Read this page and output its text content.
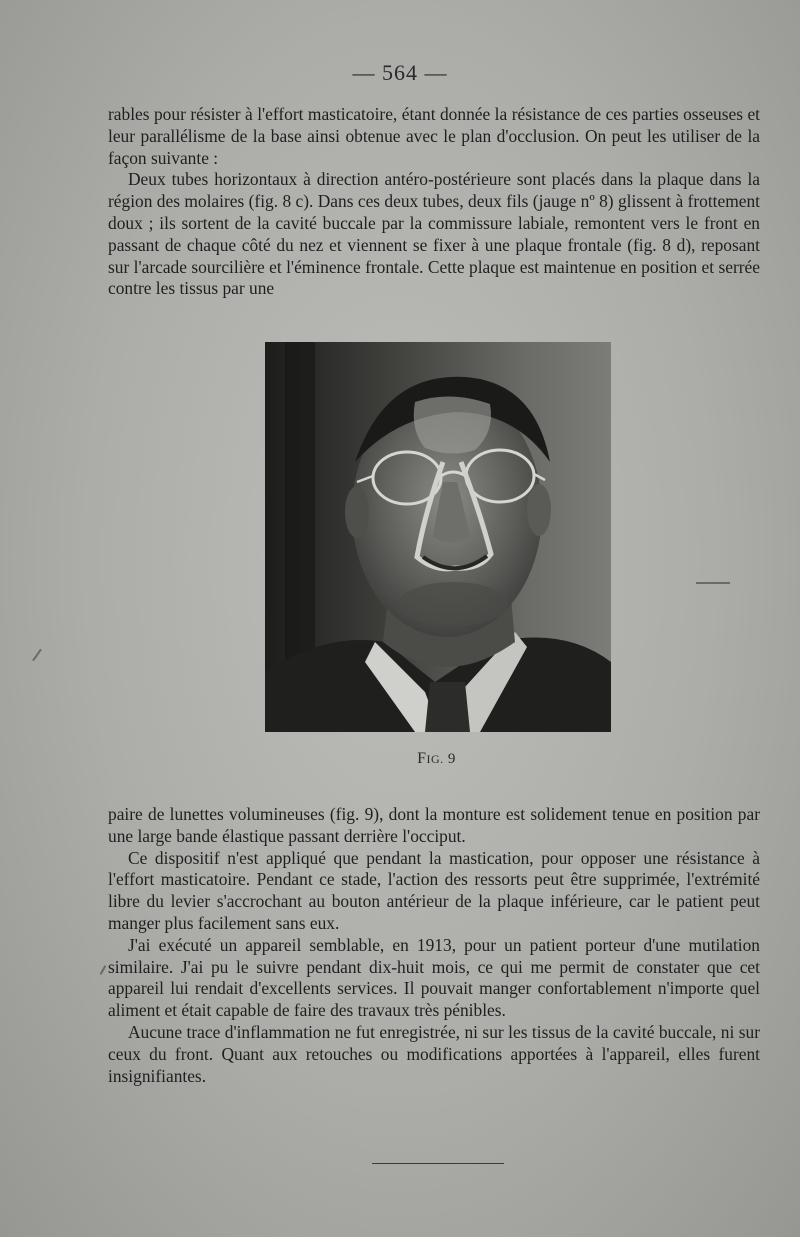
— 564 —

rables pour résister à l'effort masticatoire, étant donnée la résistance de ces parties osseuses et leur parallélisme de la base ainsi obtenue avec le plan d'occlusion. On peut les utiliser de la façon suivante :

Deux tubes horizontaux à direction antéro-postérieure sont placés dans la plaque dans la région des molaires (fig. 8 c). Dans ces deux tubes, deux fils (jauge nº 8) glissent à frottement doux ; ils sortent de la cavité buccale par la commissure labiale, remontent vers le front en passant de chaque côté du nez et viennent se fixer à une plaque frontale (fig. 8 d), reposant sur l'arcade sourcilière et l'éminence frontale. Cette plaque est maintenue en position et serrée contre les tissus par une

FIG. 9

paire de lunettes volumineuses (fig. 9), dont la monture est solidement tenue en position par une large bande élastique passant derrière l'occiput.

Ce dispositif n'est appliqué que pendant la mastication, pour opposer une résistance à l'effort masticatoire. Pendant ce stade, l'action des ressorts peut être supprimée, l'extrémité libre du levier s'accrochant au bouton antérieur de la plaque inférieure, car le patient peut manger plus facilement sans eux.

J'ai exécuté un appareil semblable, en 1913, pour un patient porteur d'une mutilation similaire. J'ai pu le suivre pendant dix-huit mois, ce qui me permit de constater que cet appareil lui rendait d'excellents services. Il pouvait manger confortablement n'importe quel aliment et était capable de faire des travaux très pénibles.

Aucune trace d'inflammation ne fut enregistrée, ni sur les tissus de la cavité buccale, ni sur ceux du front. Quant aux retouches ou modifications apportées à l'appareil, elles furent insignifiantes.
